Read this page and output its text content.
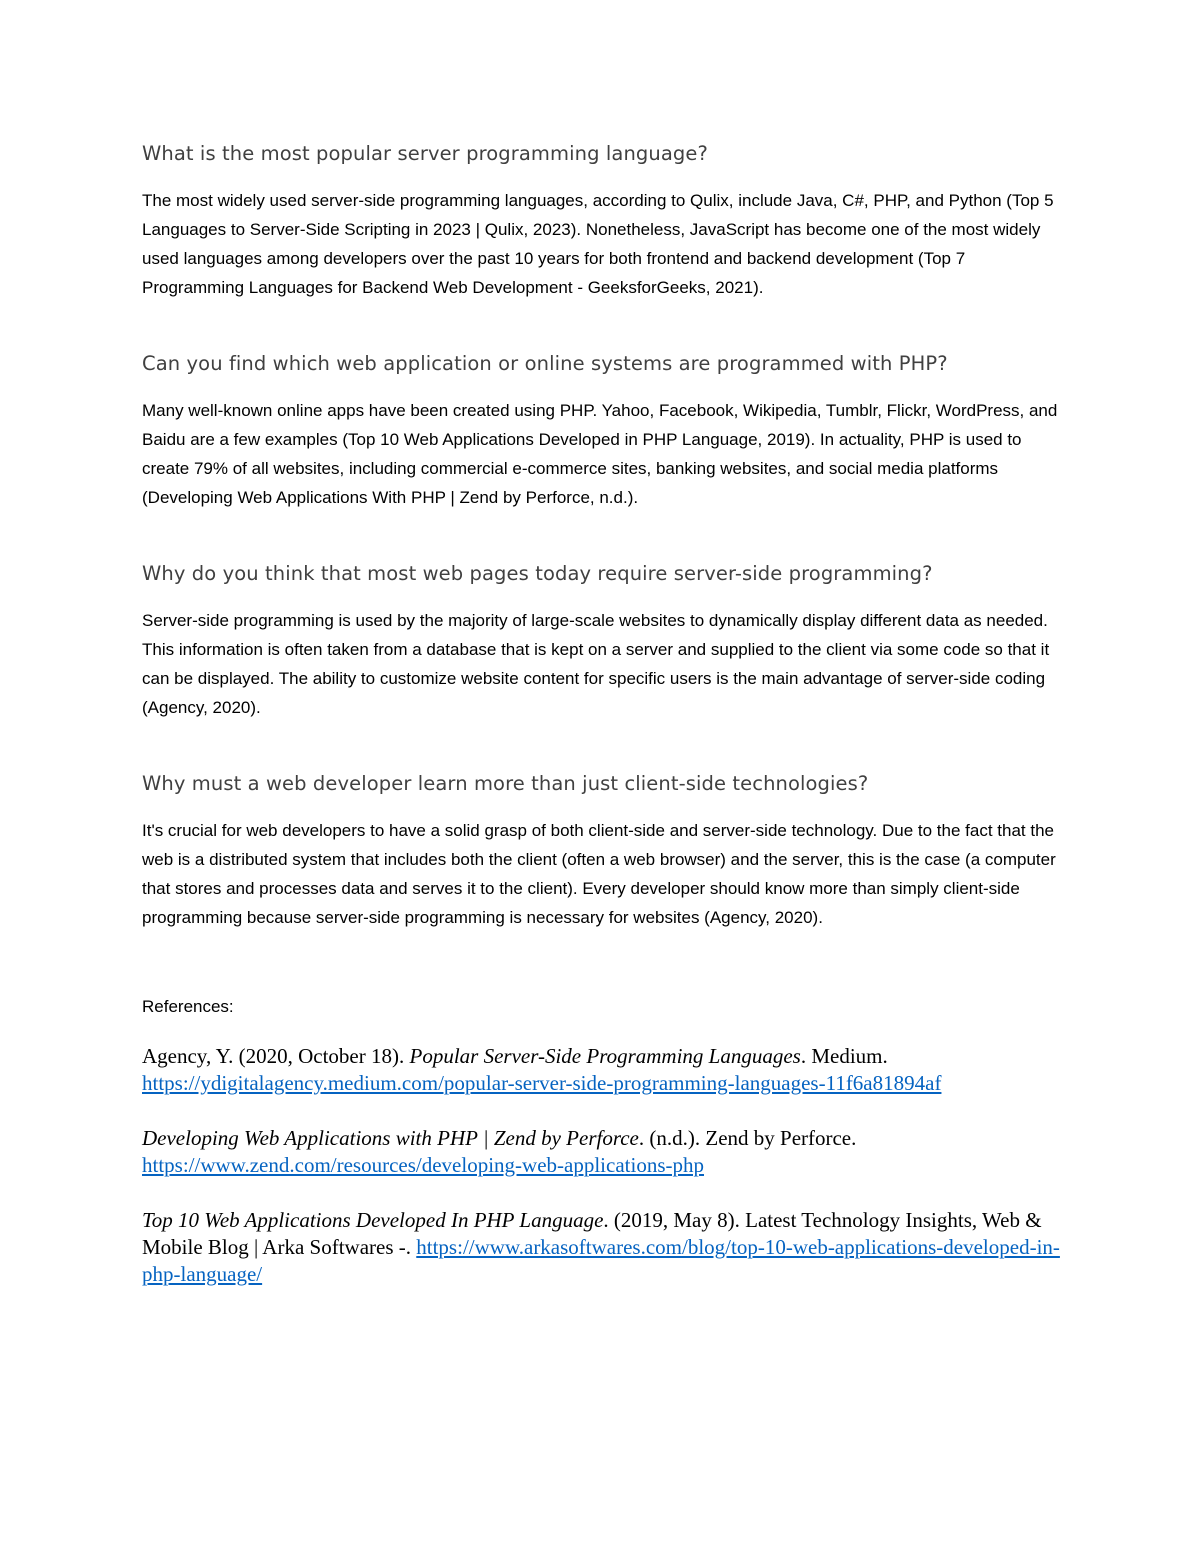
What is the most popular server programming language?

The most widely used server-side programming languages, according to Qulix, include Java, C#, PHP, and Python (Top 5 Languages to Server-Side Scripting in 2023 | Qulix, 2023). Nonetheless, JavaScript has become one of the most widely used languages among developers over the past 10 years for both frontend and backend development (Top 7 Programming Languages for Backend Web Development - GeeksforGeeks, 2021).

Can you find which web application or online systems are programmed with PHP?

Many well-known online apps have been created using PHP. Yahoo, Facebook, Wikipedia, Tumblr, Flickr, WordPress, and Baidu are a few examples (Top 10 Web Applications Developed in PHP Language, 2019). In actuality, PHP is used to create 79% of all websites, including commercial e-commerce sites, banking websites, and social media platforms (Developing Web Applications With PHP | Zend by Perforce, n.d.).

Why do you think that most web pages today require server-side programming?

Server-side programming is used by the majority of large-scale websites to dynamically display different data as needed. This information is often taken from a database that is kept on a server and supplied to the client via some code so that it can be displayed. The ability to customize website content for specific users is the main advantage of server-side coding (Agency, 2020).

Why must a web developer learn more than just client-side technologies?

It's crucial for web developers to have a solid grasp of both client-side and server-side technology. Due to the fact that the web is a distributed system that includes both the client (often a web browser) and the server, this is the case (a computer that stores and processes data and serves it to the client). Every developer should know more than simply client-side programming because server-side programming is necessary for websites (Agency, 2020).

References:
Agency, Y. (2020, October 18). Popular Server-Side Programming Languages. Medium. https://ydigitalagency.medium.com/popular-server-side-programming-languages-11f6a81894af
Developing Web Applications with PHP | Zend by Perforce. (n.d.). Zend by Perforce. https://www.zend.com/resources/developing-web-applications-php
Top 10 Web Applications Developed In PHP Language. (2019, May 8). Latest Technology Insights, Web & Mobile Blog | Arka Softwares -. https://www.arkasoftwares.com/blog/top-10-web-applications-developed-in-php-language/
